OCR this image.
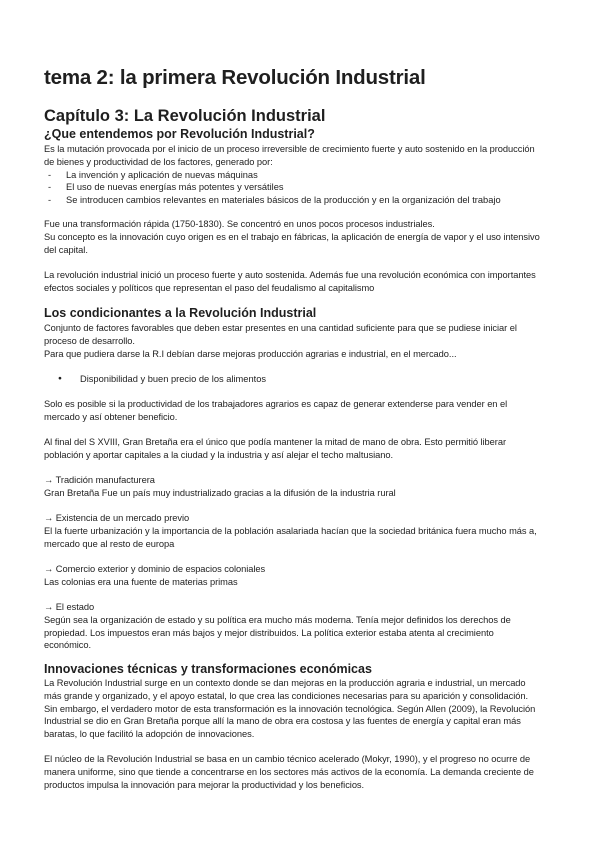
tema 2: la primera Revolución Industrial
Capítulo 3: La Revolución Industrial
¿Que entendemos por Revolución Industrial?

Es la mutación provocada por el inicio de un proceso irreversible de crecimiento fuerte y auto sostenido en la producción

de bienes y productividad de los factores, generado por:

- La invención y aplicación de nuevas máquinas
- El uso de nuevas energías más potentes y versátiles
- Se introducen cambios relevantes en materiales básicos de la producción y en la organización del trabajo

Fue una transformación rápida (1750-1830). Se concentró en unos pocos procesos industriales.

Su concepto es la innovación cuyo origen es en el trabajo en fábricas, la aplicación de energía de vapor y el uso intensivo

del capital.

La revolución industrial inició un proceso fuerte y auto sostenida. Además fue una revolución económica con importantes

efectos sociales y políticos que representan el paso del feudalismo al capitalismo

Los condicionantes a la Revolución Industrial

Conjunto de factores favorables que deben estar presentes en una cantidad suficiente para que se pudiese iniciar el

proceso de desarrollo.

Para que pudiera darse la R.I debían darse mejoras producción agrarias e industrial, en el mercado...

● Disponibilidad y buen precio de los alimentos

Solo es posible si la productividad de los trabajadores agrarios es capaz de generar extenderse para vender en el

mercado y así obtener beneficio.

Al final del S XVIII, Gran Bretaña era el único que podía mantener la mitad de mano de obra. Esto permitió liberar

población y aportar capitales a la ciudad y la industria y así alejar el techo maltusiano.

→ Tradición manufacturera

Gran Bretaña Fue un país muy industrializado gracias a la difusión de la industria rural

→ Existencia de un mercado previo

El la fuerte urbanización y la importancia de la población asalariada hacían que la sociedad británica fuera mucho más a,

mercado que al resto de europa

→ Comercio exterior y dominio de espacios coloniales

Las colonias era una fuente de materias primas

→ El estado

Según sea la organización de estado y su política era mucho más moderna. Tenía mejor definidos los derechos de

propiedad. Los impuestos eran más bajos y mejor distribuidos. La política exterior estaba atenta al crecimiento

económico.

Innovaciones técnicas y transformaciones económicas

La Revolución Industrial surge en un contexto donde se dan mejoras en la producción agraria e industrial, un mercado

más grande y organizado, y el apoyo estatal, lo que crea las condiciones necesarias para su aparición y consolidación.

Sin embargo, el verdadero motor de esta transformación es la innovación tecnológica. Según Allen (2009), la Revolución

Industrial se dio en Gran Bretaña porque allí la mano de obra era costosa y las fuentes de energía y capital eran más

baratas, lo que facilitó la adopción de innovaciones.

El núcleo de la Revolución Industrial se basa en un cambio técnico acelerado (Mokyr, 1990), y el progreso no ocurre de

manera uniforme, sino que tiende a concentrarse en los sectores más activos de la economía. La demanda creciente de

productos impulsa la innovación para mejorar la productividad y los beneficios.
